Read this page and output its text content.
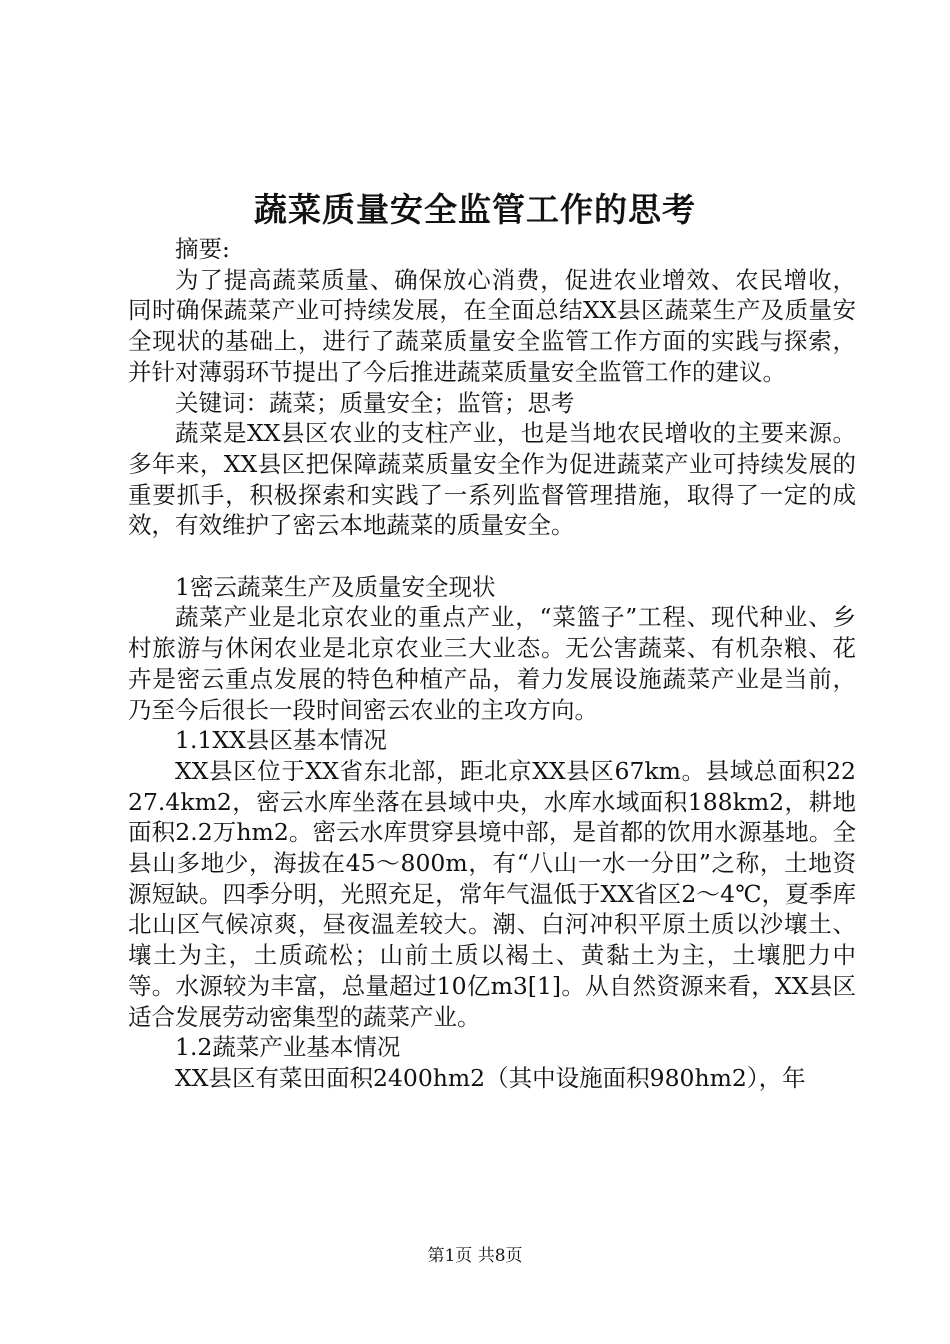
蔬菜质量安全监管工作的思考

摘要:

为了提高蔬菜质量、确保放心消费，促进农业增效、农民增收，同时确保蔬菜产业可持续发展，在全面总结XX县区蔬菜生产及质量安全现状的基础上，进行了蔬菜质量安全监管工作方面的实践与探索，并针对薄弱环节提出了今后推进蔬菜质量安全监管工作的建议。

关键词：蔬菜；质量安全；监管；思考

蔬菜是XX县区农业的支柱产业，也是当地农民增收的主要来源。多年来，XX县区把保障蔬菜质量安全作为促进蔬菜产业可持续发展的重要抓手，积极探索和实践了一系列监督管理措施，取得了一定的成效，有效维护了密云本地蔬菜的质量安全。

1密云蔬菜生产及质量安全现状

蔬菜产业是北京农业的重点产业，“菜篮子”工程、现代种业、乡村旅游与休闲农业是北京农业三大业态。无公害蔬菜、有机杂粮、花卉是密云重点发展的特色种植产品，着力发展设施蔬菜产业是当前，乃至今后很长一段时间密云农业的主攻方向。

1.1XX县区基本情况

XX县区位于XX省东北部，距北京XX县区67km。县域总面积2227.4km2，密云水库坐落在县域中央，水库水域面积188km2，耕地面积2.2万hm2。密云水库贯穿县境中部，是首都的饮用水源基地。全县山多地少，海拔在45～800m，有“八山一水一分田”之称，土地资源短缺。四季分明，光照充足，常年气温低于XX省区2～4℃，夏季库北山区气候凉爽，昼夜温差较大。潮、白河冲积平原土质以沙壤土、壤土为主，土质疏松；山前土质以褐土、黄黏土为主，土壤肥力中等。水源较为丰富，总量超过10亿m3[1]。从自然资源来看，XX县区适合发展劳动密集型的蔬菜产业。

1.2蔬菜产业基本情况

XX县区有菜田面积2400hm2（其中设施面积980hm2），年

第1页 共8页
